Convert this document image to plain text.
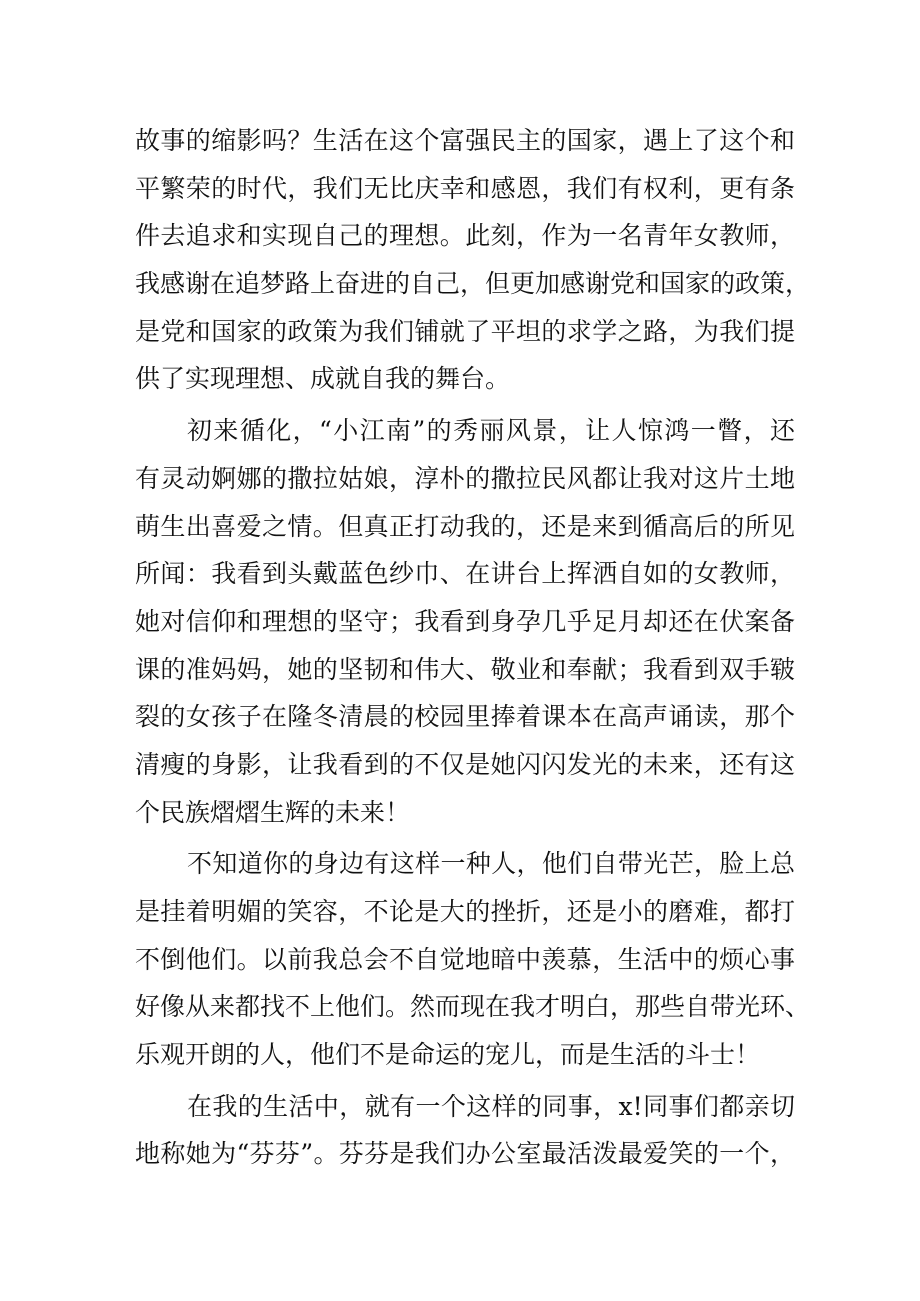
故事的缩影吗？生活在这个富强民主的国家，遇上了这个和
平繁荣的时代，我们无比庆幸和感恩，我们有权利，更有条
件去追求和实现自己的理想。此刻，作为一名青年女教师，
我感谢在追梦路上奋进的自己，但更加感谢党和国家的政策，
是党和国家的政策为我们铺就了平坦的求学之路，为我们提
供了实现理想、成就自我的舞台。
初来循化，“小江南”的秀丽风景，让人惊鸿一瞥，还
有灵动婀娜的撒拉姑娘，淳朴的撒拉民风都让我对这片土地
萌生出喜爱之情。但真正打动我的，还是来到循高后的所见
所闻：我看到头戴蓝色纱巾、在讲台上挥洒自如的女教师，
她对信仰和理想的坚守；我看到身孕几乎足月却还在伏案备
课的准妈妈，她的坚韧和伟大、敬业和奉献；我看到双手皲
裂的女孩子在隆冬清晨的校园里捧着课本在高声诵读，那个
清瘦的身影，让我看到的不仅是她闪闪发光的未来，还有这
个民族熠熠生辉的未来！
不知道你的身边有这样一种人，他们自带光芒，脸上总
是挂着明媚的笑容，不论是大的挫折，还是小的磨难，都打
不倒他们。以前我总会不自觉地暗中羡慕，生活中的烦心事
好像从来都找不上他们。然而现在我才明白，那些自带光环、
乐观开朗的人，他们不是命运的宠儿，而是生活的斗士！
在我的生活中，就有一个这样的同事，x!同事们都亲切
地称她为“芬芬”。芬芬是我们办公室最活泼最爱笑的一个，
